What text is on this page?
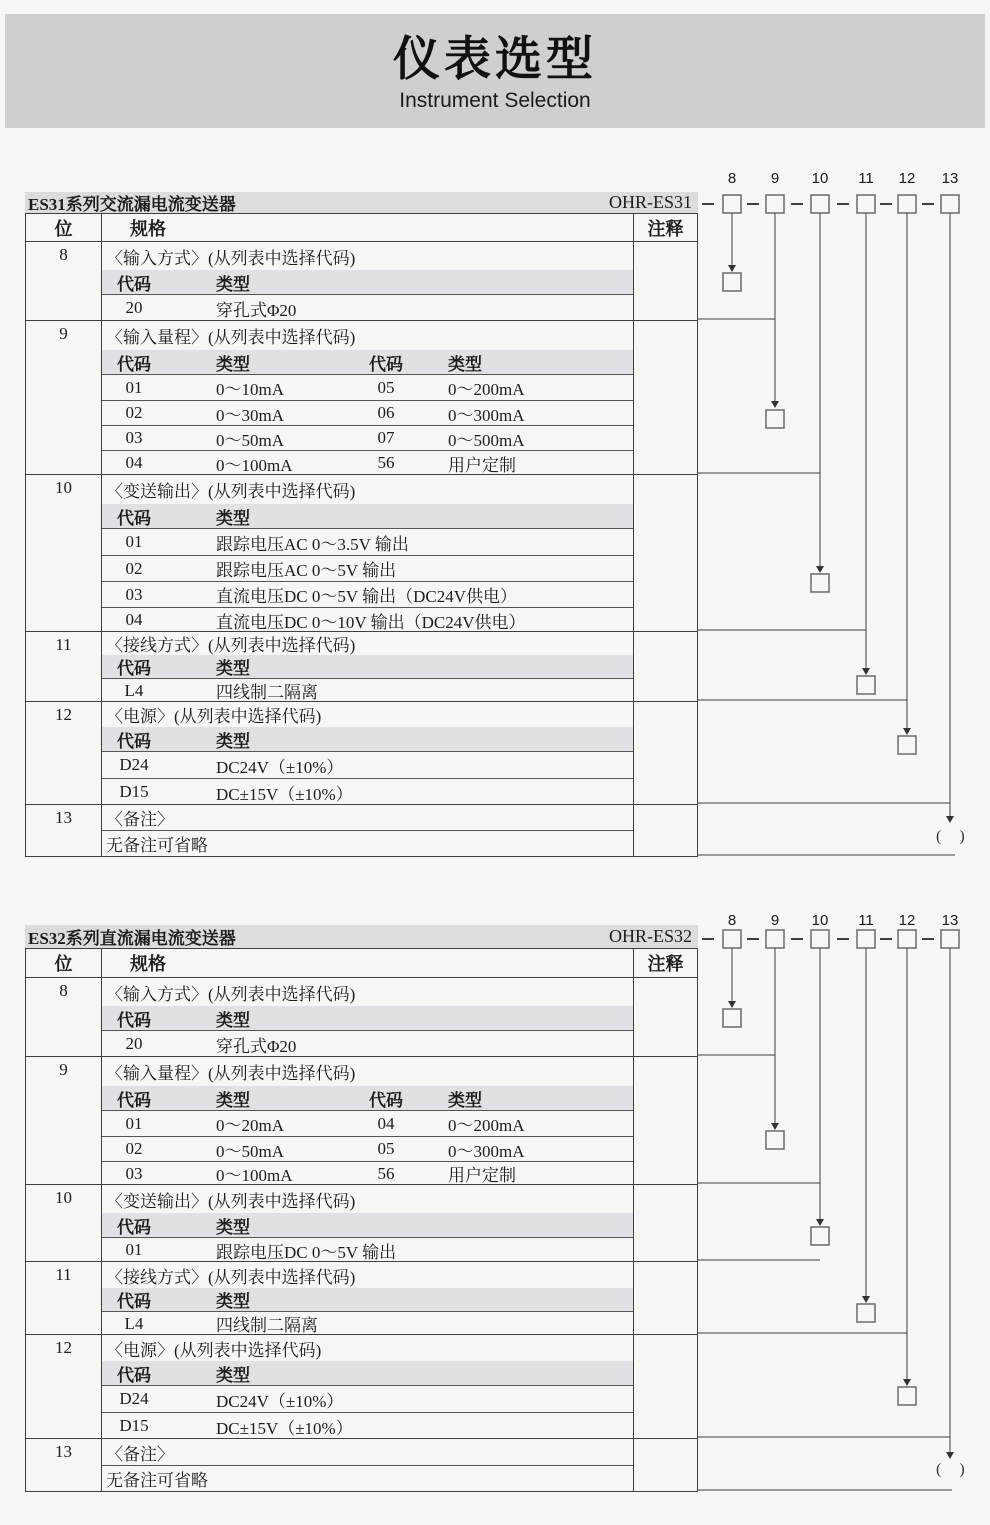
仪表选型

Instrument Selection

ES31系列交流漏电流变送器	OHR-ES31
位	规格	注释
8	〈输入方式〉(从列表中选择代码)
代码	类型
20	穿孔式Φ20
9	〈输入量程〉(从列表中选择代码)
代码	类型	代码	类型
01	0～10mA	05	0～200mA
02	0～30mA	06	0～300mA
03	0～50mA	07	0～500mA
04	0～100mA	56	用户定制
10	〈变送输出〉(从列表中选择代码)
代码	类型
01	跟踪电压AC 0～3.5V 输出
02	跟踪电压AC 0～5V 输出
03	直流电压DC 0～5V 输出（DC24V供电）
04	直流电压DC 0～10V 输出（DC24V供电）
11	〈接线方式〉(从列表中选择代码)
代码	类型
L4	四线制二隔离
12	〈电源〉(从列表中选择代码)
代码	类型
D24	DC24V（±10%）
D15	DC±15V（±10%）
13	〈备注〉
无备注可省略
8	9	10	11	12	13
( )
ES32系列直流漏电流变送器	OHR-ES32
位	规格	注释
8	〈输入方式〉(从列表中选择代码)
代码	类型
20	穿孔式Φ20
9	〈输入量程〉(从列表中选择代码)
代码	类型	代码	类型
01	0～20mA	04	0～200mA
02	0～50mA	05	0～300mA
03	0～100mA	56	用户定制
10	〈变送输出〉(从列表中选择代码)
代码	类型
01	跟踪电压DC 0～5V 输出
11	〈接线方式〉(从列表中选择代码)
代码	类型
L4	四线制二隔离
12	〈电源〉(从列表中选择代码)
代码	类型
D24	DC24V（±10%）
D15	DC±15V（±10%）
13	〈备注〉
无备注可省略
8	9	10	11	12	13
( )
